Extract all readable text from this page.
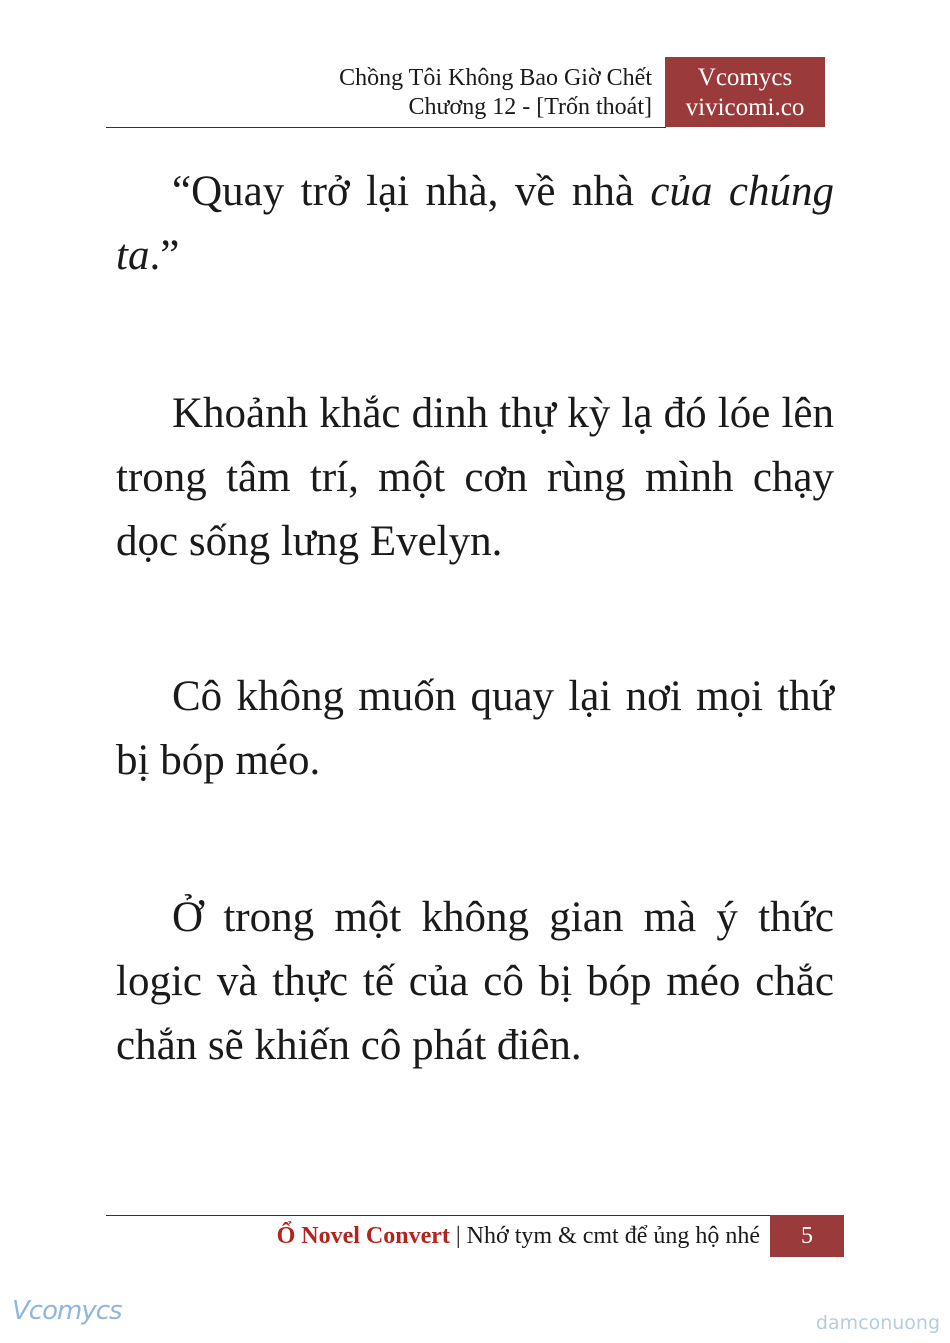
Chồng Tôi Không Bao Giờ Chết
Chương 12 - [Trốn thoát]
Vcomycs
vivicomi.co

“Quay trở lại nhà, về nhà của chúng ta.”

Khoảnh khắc dinh thự kỳ lạ đó lóe lên trong tâm trí, một cơn rùng mình chạy dọc sống lưng Evelyn.

Cô không muốn quay lại nơi mọi thứ bị bóp méo.

Ở trong một không gian mà ý thức logic và thực tế của cô bị bóp méo chắc chắn sẽ khiến cô phát điên.

Ổ Novel Convert | Nhớ tym & cmt để ủng hộ nhé	5
Vcomycs	damconuong
